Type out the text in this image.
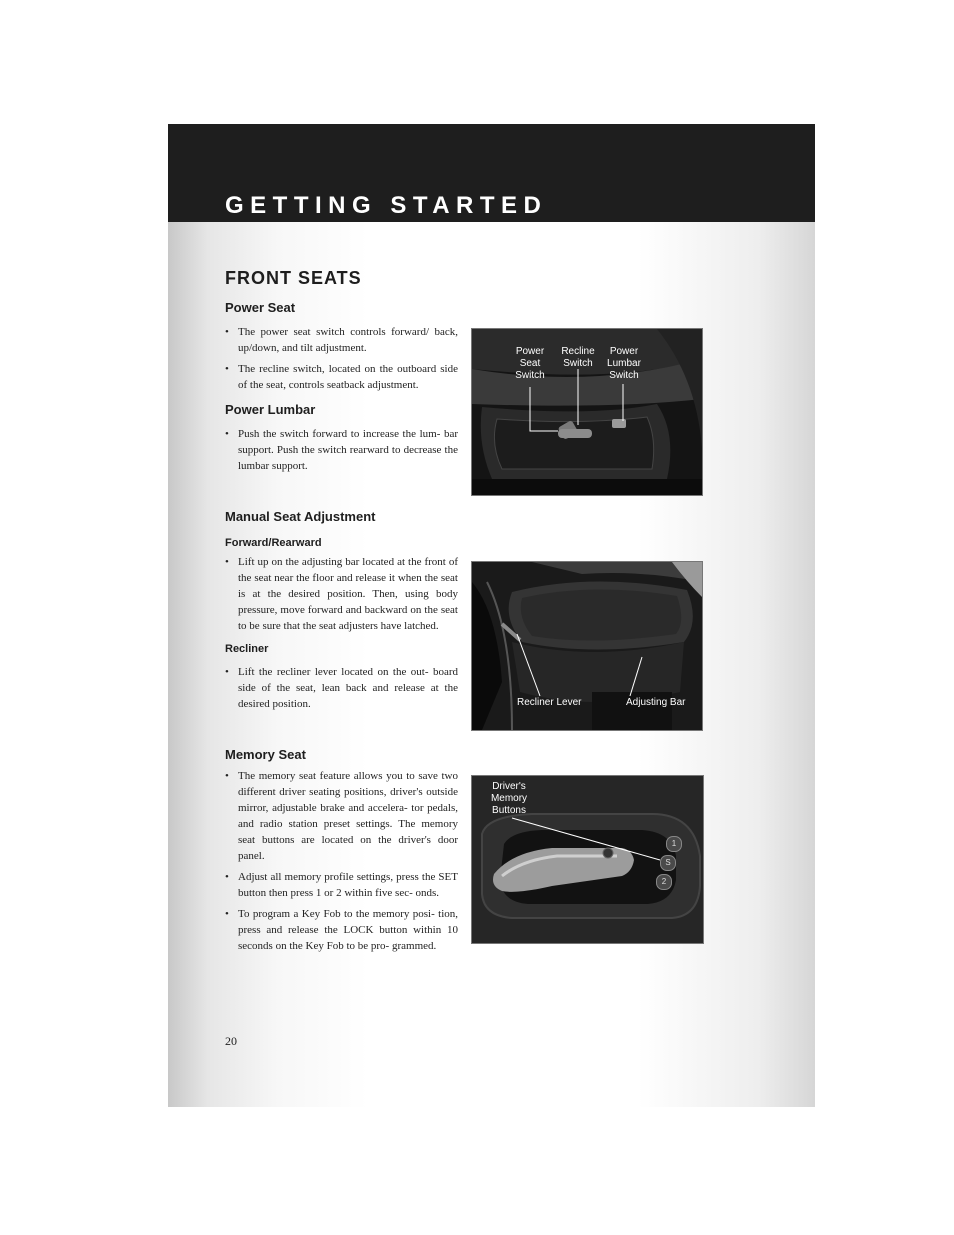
GETTING STARTED
FRONT SEATS
Power Seat
• The power seat switch controls forward/ back, up/down, and tilt adjustment.
• The recline switch, located on the outboard side of the seat, controls seatback adjustment.
Power Lumbar
• Push the switch forward to increase the lum- bar support. Push the switch rearward to decrease the lumbar support.
Manual Seat Adjustment
Forward/Rearward
• Lift up on the adjusting bar located at the front of the seat near the floor and release it when the seat is at the desired position. Then, using body pressure, move forward and backward on the seat to be sure that the seat adjusters have latched.
Recliner
• Lift the recliner lever located on the out- board side of the seat, lean back and release at the desired position.
Memory Seat
• The memory seat feature allows you to save two different driver seating positions, driver's outside mirror, adjustable brake and accelera- tor pedals, and radio station preset settings. The memory seat buttons are located on the driver's door panel.
• Adjust all memory profile settings, press the SET button then press 1 or 2 within five sec- onds.
• To program a Key Fob to the memory posi- tion, press and release the LOCK button within 10 seconds on the Key Fob to be pro- grammed.
Power
Seat
Switch
Recline
Switch
Power
Lumbar
Switch
Recliner Lever	Adjusting Bar
Driver's
Memory
Buttons
1
S
2
20
